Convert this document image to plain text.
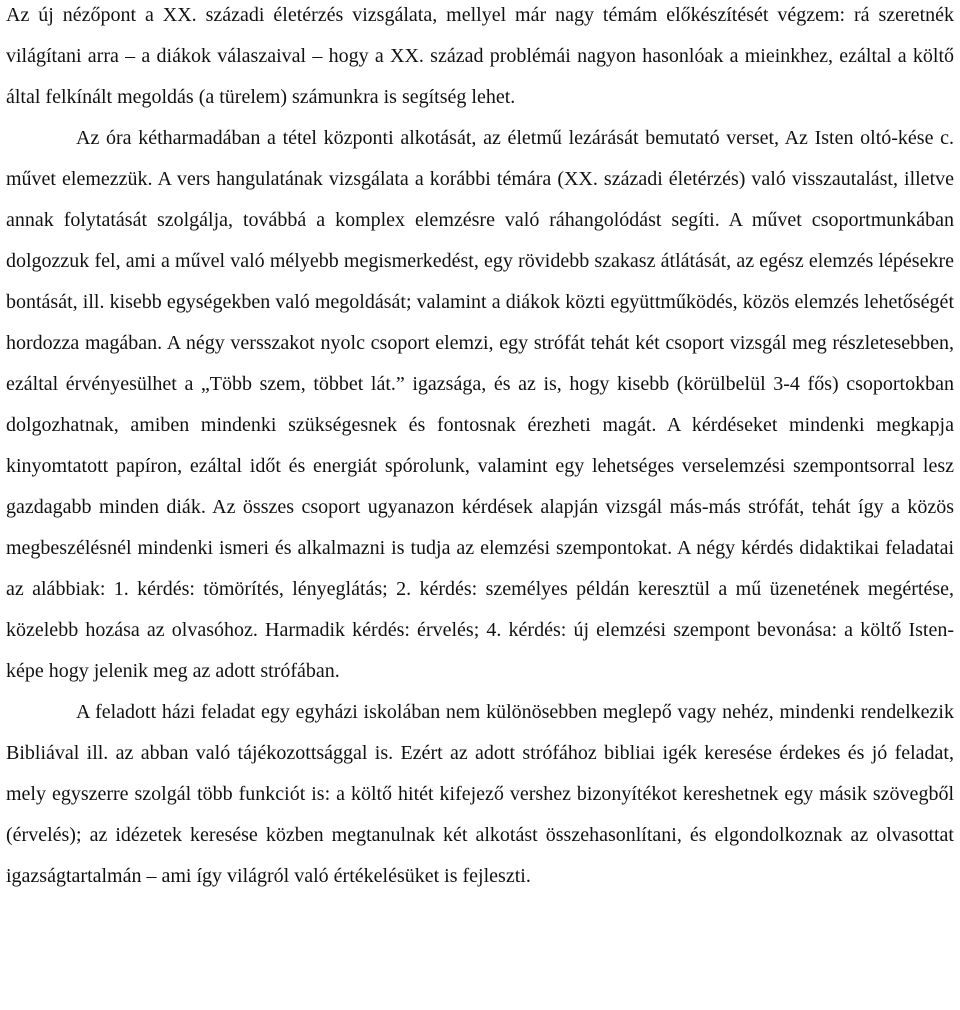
Az új nézőpont a XX. századi életérzés vizsgálata, mellyel már nagy témám előkészítését végzem: rá szeretnék világítani arra – a diákok válaszaival – hogy a XX. század problémái nagyon hasonlóak a mieinkhez, ezáltal a költő által felkínált megoldás (a türelem) számunkra is segítség lehet.

Az óra kétharmadában a tétel központi alkotását, az életmű lezárását bemutató verset, Az Isten oltó-kése c. művet elemezzük. A vers hangulatának vizsgálata a korábbi témára (XX. századi életérzés) való visszautalást, illetve annak folytatását szolgálja, továbbá a komplex elemzésre való ráhangolódást segíti. A művet csoportmunkában dolgozzuk fel, ami a művel való mélyebb megismerkedést, egy rövidebb szakasz átlátását, az egész elemzés lépésekre bontását, ill. kisebb egységekben való megoldását; valamint a diákok közti együttműködés, közös elemzés lehetőségét hordozza magában. A négy versszakot nyolc csoport elemzi, egy strófát tehát két csoport vizsgál meg részletesebben, ezáltal érvényesülhet a „Több szem, többet lát.” igazsága, és az is, hogy kisebb (körülbelül 3-4 fős) csoportokban dolgozhatnak, amiben mindenki szükségesnek és fontosnak érezheti magát. A kérdéseket mindenki megkapja kinyomtatott papíron, ezáltal időt és energiát spórolunk, valamint egy lehetséges verselemzési szempontsorral lesz gazdagabb minden diák. Az összes csoport ugyanazon kérdések alapján vizsgál más-más strófát, tehát így a közös megbeszélésnél mindenki ismeri és alkalmazni is tudja az elemzési szempontokat. A négy kérdés didaktikai feladatai az alábbiak: 1. kérdés: tömörítés, lényeglátás; 2. kérdés: személyes példán keresztül a mű üzenetének megértése, közelebb hozása az olvasóhoz. Harmadik kérdés: érvelés; 4. kérdés: új elemzési szempont bevonása: a költő Isten-képe hogy jelenik meg az adott strófában.

A feladott házi feladat egy egyházi iskolában nem különösebben meglepő vagy nehéz, mindenki rendelkezik Bibliával ill. az abban való tájékozottsággal is. Ezért az adott strófához bibliai igék keresése érdekes és jó feladat, mely egyszerre szolgál több funkciót is: a költő hitét kifejező vershez bizonyítékot kereshetnek egy másik szövegből (érvelés); az idézetek keresése közben megtanulnak két alkotást összehasonlítani, és elgondolkoznak az olvasottat igazságtartalmán – ami így világról való értékelésüket is fejleszti.
